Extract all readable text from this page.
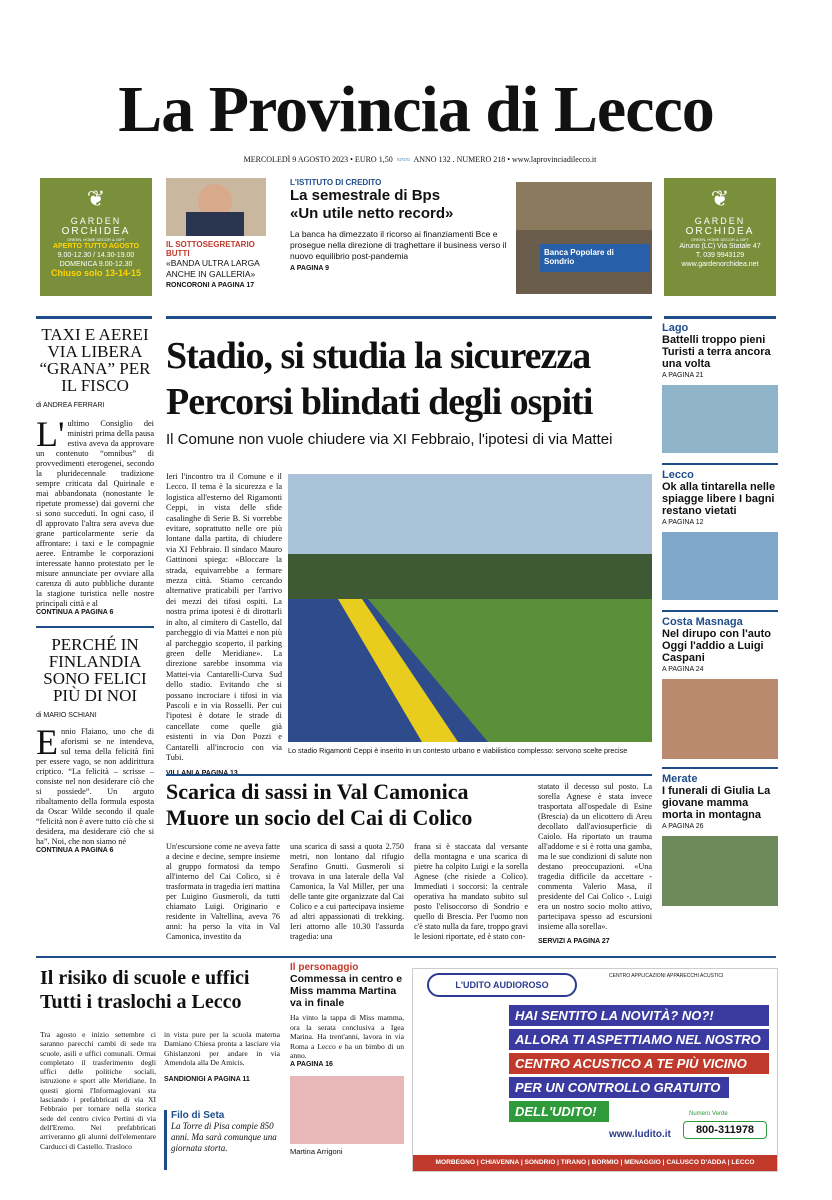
La Provincia di Lecco
MERCOLEDÌ 9 AGOSTO 2023 • EURO 1,50  ≈≈≈  ANNO 132 . NUMERO 218 • www.laprovinciadilecco.it
❦
GARDEN
ORCHIDEA
GREEN, HOME DECOR & GIFT
APERTO TUTTO AGOSTO
9.00-12.30 / 14.30-19.00
DOMENICA 9.00-12.30
Chiuso solo 13-14-15
IL SOTTOSEGRETARIO BUTTI
«BANDA ULTRA LARGA ANCHE IN GALLERIA»
RONCORONI A PAGINA 17
L'ISTITUTO DI CREDITO
La semestrale di Bps
«Un utile netto record»
La banca ha dimezzato il ricorso ai finanziamenti Bce e prosegue nella direzione di traghettare il business verso il nuovo equilibrio post-pandemia
A PAGINA 9
Banca Popolare di Sondrio
❦
GARDEN
ORCHIDEA
GREEN, HOME DECOR & GIFT
Airuno (LC) Via Statale 47
T. 039 9943129
www.gardenorchidea.net
TAXI E AEREI VIA LIBERA “GRANA” PER IL FISCO
di ANDREA FERRARI
L' ultimo Consiglio dei ministri prima della pausa estiva aveva da approvare un contenuto “omnibus” di provvedimenti eterogenei, secondo la pluridecennale tradizione sempre criticata dal Quirinale e mai abbandonata (nonostante le ripetute promesse) dai governi che si sono succeduti. In ogni caso, il dl approvato l'altra sera aveva due grane particolarmente serie da affrontare: i taxi e le compagnie aeree. Entrambe le corporazioni interessate hanno protestato per le misure annunciate per ovviare alla carenza di auto pubbliche durante la stagione turistica nelle nostre principali città e al
CONTINUA A PAGINA 6
PERCHÉ IN FINLANDIA SONO FELICI PIÙ DI NOI
di MARIO SCHIANI
E nnio Flaiano, uno che di aforismi se ne intendeva, sul tema della felicità finì per essere vago, se non addirittura criptico. “La felicità – scrisse – consiste nel non desiderare ciò che si possiede”. Un arguto ribaltamento della formula esposta da Oscar Wilde secondo il quale “felicità non è avere tutto ciò che si desidera, ma desiderare ciò che si ha”. Noi, che non siamo né
CONTINUA A PAGINA 6
Stadio, si studia la sicurezza
Percorsi blindati degli ospiti
Il Comune non vuole chiudere via XI Febbraio, l'ipotesi di via Mattei
Ieri l'incontro tra il Comune e il Lecco. Il tema è la sicurezza e la logistica all'esterno del Rigamonti Ceppi, in vista delle sfide casalinghe di Serie B. Si vorrebbe evitare, soprattutto nelle ore più lontane dalla partita, di chiudere via XI Febbraio. Il sindaco Mauro Gattinoni spiega: «Bloccare la strada, equivarrebbe a fermare mezza città. Stiamo cercando alternative praticabili per l'arrivo dei mezzi dei tifosi ospiti. La nostra prima ipotesi è di dirottarli in alto, al cimitero di Castello, dal parcheggio di via Mattei e non più al parcheggio scoperto, il parking green delle Meridiane». La direzione sarebbe insomma via Mattei-via Cantarelli-Curva Sud dello stadio. Evitando che si possano incrociare i tifosi in via Pascoli e in via Rosselli. Per cui l'ipotesi è dotare le strade di cancellate come quelle già esistenti in via Don Pozzi e Cantarelli all'incrocio con via Tubi.
Lo stadio Rigamonti Ceppi è inserito in un contesto urbano e viabilistico complesso: servono scelte precise
Lago
Battelli troppo pieni Turisti a terra ancora una volta
A PAGINA 21
Lecco
Ok alla tintarella nelle spiagge libere I bagni restano vietati
A PAGINA 12
Costa Masnaga
Nel dirupo con l'auto Oggi l'addio a Luigi Caspani
A PAGINA 24
Merate
I funerali di Giulia La giovane mamma morta in montagna
A PAGINA 26
Scarica di sassi in Val Camonica
Muore un socio del Cai di Colico
Un'escursione come ne aveva fatte a decine e decine, sempre insieme al gruppo formatosi da tempo all'interno del Cai Colico, si è trasformata in tragedia ieri mattina per Luigino Gusmeroli, da tutti chiamato Luigi. Originario e residente in Valtellina, aveva 76 anni: ha perso la vita in Val Camonica, investito da
una scarica di sassi a quota 2.750 metri, non lontano dal rifugio Serafino Gnutti. Gusmeroli si trovava in una laterale della Val Camonica, la Val Miller, per una delle tante gite organizzate dal Cai Colico e a cui partecipava insieme ad altri appassionati di trekking. Ieri attorno alle 10.30 l'assurda tragedia: una
frana si è staccata dal versante della montagna e una scarica di pietre ha colpito Luigi e la sorella Agnese (che risiede a Colico). Immediati i soccorsi: la centrale operativa ha mandato subito sul posto l'elisoccorso di Sondrio e quello di Brescia. Per l'uomo non c'è stato nulla da fare, troppo gravi le lesioni riportate, ed è stato con-
statato il decesso sul posto. La sorella Agnese è stata invece trasportata all'ospedale di Esine (Brescia) da un elicottero di Areu decollato dall'aviosuperficie di Caiolo. Ha riportato un trauma all'addome e si è rotta una gamba, ma le sue condizioni di salute non destano preoccupazioni. «Una tragedia difficile da accettare - commenta Valerio Masa, il presidente del Cai Colico -. Luigi era un nostro socio molto attivo, partecipava spesso ad escursioni insieme alla sorella».
SERVIZI A PAGINA 27
Il risiko di scuole e uffici
Tutti i traslochi a Lecco
Tra agosto e inizio settembre ci saranno parecchi cambi di sede tra scuole, asili e uffici comunali. Ormai completato il trasferimento degli uffici delle politiche sociali, istruzione e sport alle Meridiane. In questi giorni l'Informagiovani sta lasciando i prefabbricati di via XI Febbraio per tornare nella storica sede del centro civico Pertini di via dell'Eremo. Nei prefabbricati arriveranno gli alunni dell'elementare Carducci di Castello. Trasloco
in vista pure per la scuola materna Damiano Chiesa pronta a lasciare via Ghislanzoni per andare in via Amendola alla De Amicis.
SANDIONIGI A PAGINA 11
Filo di Seta
La Torre di Pisa compie 850 anni. Ma sarà comunque una giornata storta.
Il personaggio
Commessa in centro e Miss mamma Martina va in finale
Ha vinto la tappa di Miss mamma, ora la serata conclusiva a Igea Marina. Ha trent'anni, lavora in via Roma a Lecco e ha un bimbo di un anno.
A PAGINA 16
Martina Arrigoni
L'UDITO AUDIOROSO
CENTRO APPLICAZIONI APPARECCHI ACUSTICI
HAI SENTITO LA NOVITÀ? NO?!
ALLORA TI ASPETTIAMO NEL NOSTRO
CENTRO ACUSTICO A TE PIÙ VICINO
PER UN CONTROLLO GRATUITO
DELL'UDITO!
www.ludito.it
Numero Verde
800-311978
MORBEGNO | CHIAVENNA | SONDRIO | TIRANO | BORMIO | MENAGGIO | CALUSCO D'ADDA | LECCO
